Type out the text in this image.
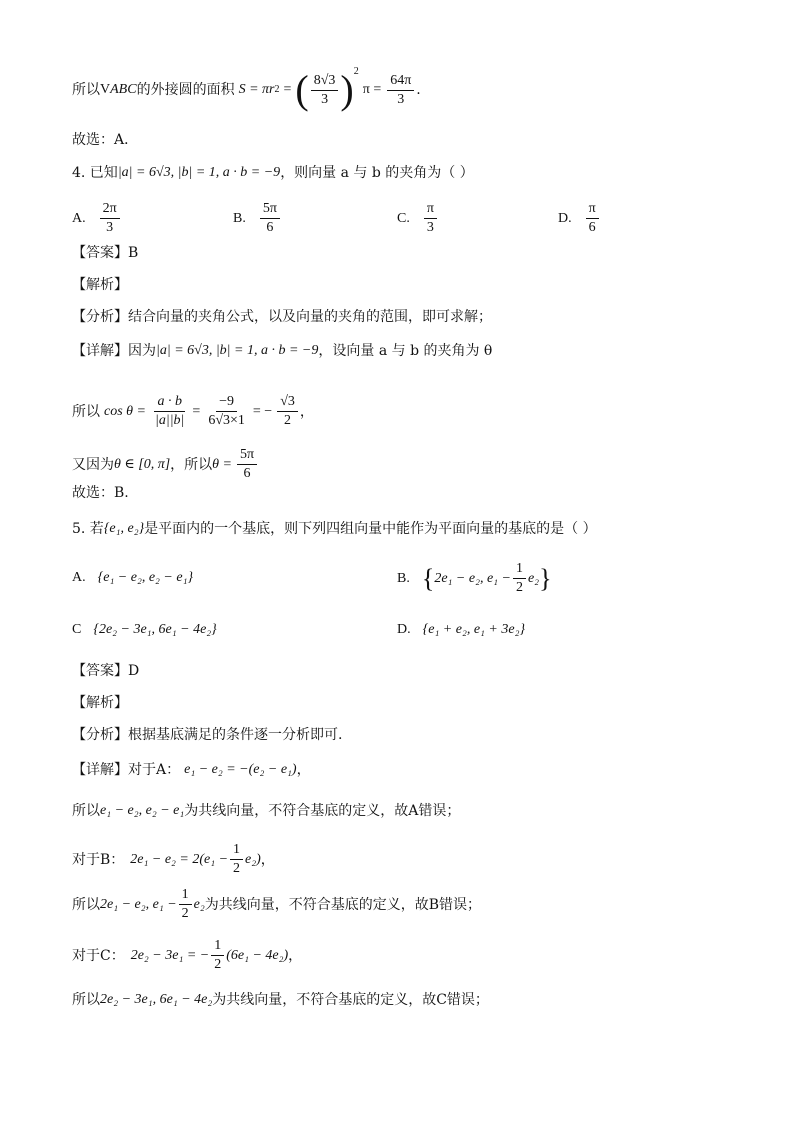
所以 V ABC 的外接圆的面积 S = πr 2 = ( $\frac{8√3}{3} )^2$
$\pi = \frac{64\pi}{3}$ .
故选：A．
4. 已知 |a| = 6√3, |b| = 1, a · b = −9 ，则向量 a 与 b 的夹角为（ ）
A. $\frac{2\pi}{3}$	B. $\frac{5\pi}{6}$	C. $\frac{\pi}{3}$	D. $\frac{\pi}{6}$
【答案】B
【解析】
【分析】结合向量的夹角公式，以及向量的夹角的范围，即可求解；
【详解】因为 |a| = 6√3, |b| = 1, a · b = −9 ，设向量 a 与 b 的夹角为 θ
所以 $\cos \theta = \frac{a \cdot b}{|a||b|} = \frac{-9}{6√3\times 1}$ = − $\frac{√3}{2}$ ，
又因为 θ ∈ [0, π] ，所以 $\theta = \frac{5\pi}{6}$
故选：B.
5. 若 {e₁, e₂} 是平面内的一个基底，则下列四组向量中能作为平面向量的基底的是（ ）
A. {e₁ − e₂, e₂ − e₁}	B. { 2e₁ − e₂, $e_1 - \frac{1}{2} e_2$ }
C {2e₂ − 3e₁, 6e₁ − 4e₂}	D. {e₁ + e₂, e₁ + 3e₂}
【答案】D
【解析】
【分析】根据基底满足的条件逐一分析即可.
【详解】对于A： e₁ − e₂ = −(e₂ − e₁) ，
所以 e₁ − e₂, e₂ − e₁ 为共线向量，不符合基底的定义，故A错误；
对于B： $2e_1 - e_2 = 2(e_1 - \frac{1}{2} e_2)$ ，
所以 2e₁ − e₂, $e_1 - \frac{1}{2} e_2$ 为共线向量，不符合基底的定义，故B错误；
对于C： 2e₂ − 3e₁ = − $\frac{1}{2} (6e_1 - 4e_2)$ ，
所以 2e₂ − 3e₁, 6e₁ − 4e₂ 为共线向量，不符合基底的定义，故C错误；
